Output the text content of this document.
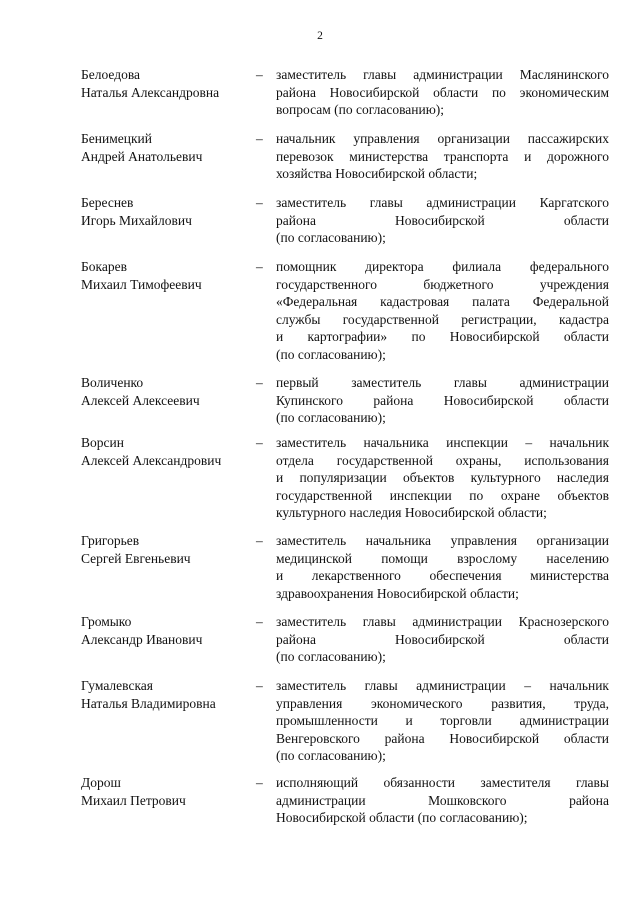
2
Белоедова
Наталья Александровна
– заместитель главы администрации Маслянинского
района Новосибирской области по экономическим
вопросам (по согласованию);
Бенимецкий
Андрей Анатольевич
– начальник управления организации пассажирских
перевозок министерства транспорта и дорожного
хозяйства Новосибирской области;
Береснев
Игорь Михайлович
– заместитель главы администрации Каргатского
района Новосибирской области
(по согласованию);
Бокарев
Михаил Тимофеевич
– помощник директора филиала федерального
государственного бюджетного учреждения
«Федеральная кадастровая палата Федеральной
службы государственной регистрации, кадастра
и картографии» по Новосибирской области
(по согласованию);
Воличенко
Алексей Алексеевич
– первый заместитель главы администрации
Купинского района Новосибирской области
(по согласованию);
Ворсин
Алексей Александрович
– заместитель начальника инспекции – начальник
отдела государственной охраны, использования
и популяризации объектов культурного наследия
государственной инспекции по охране объектов
культурного наследия Новосибирской области;
Григорьев
Сергей Евгеньевич
– заместитель начальника управления организации
медицинской помощи взрослому населению
и лекарственного обеспечения министерства
здравоохранения Новосибирской области;
Громыко
Александр Иванович
– заместитель главы администрации Краснозерского
района Новосибирской области
(по согласованию);
Гумалевская
Наталья Владимировна
– заместитель главы администрации – начальник
управления экономического развития, труда,
промышленности и торговли администрации
Венгеровского района Новосибирской области
(по согласованию);
Дорош
Михаил Петрович
– исполняющий обязанности заместителя главы
администрации Мошковского района
Новосибирской области (по согласованию);
